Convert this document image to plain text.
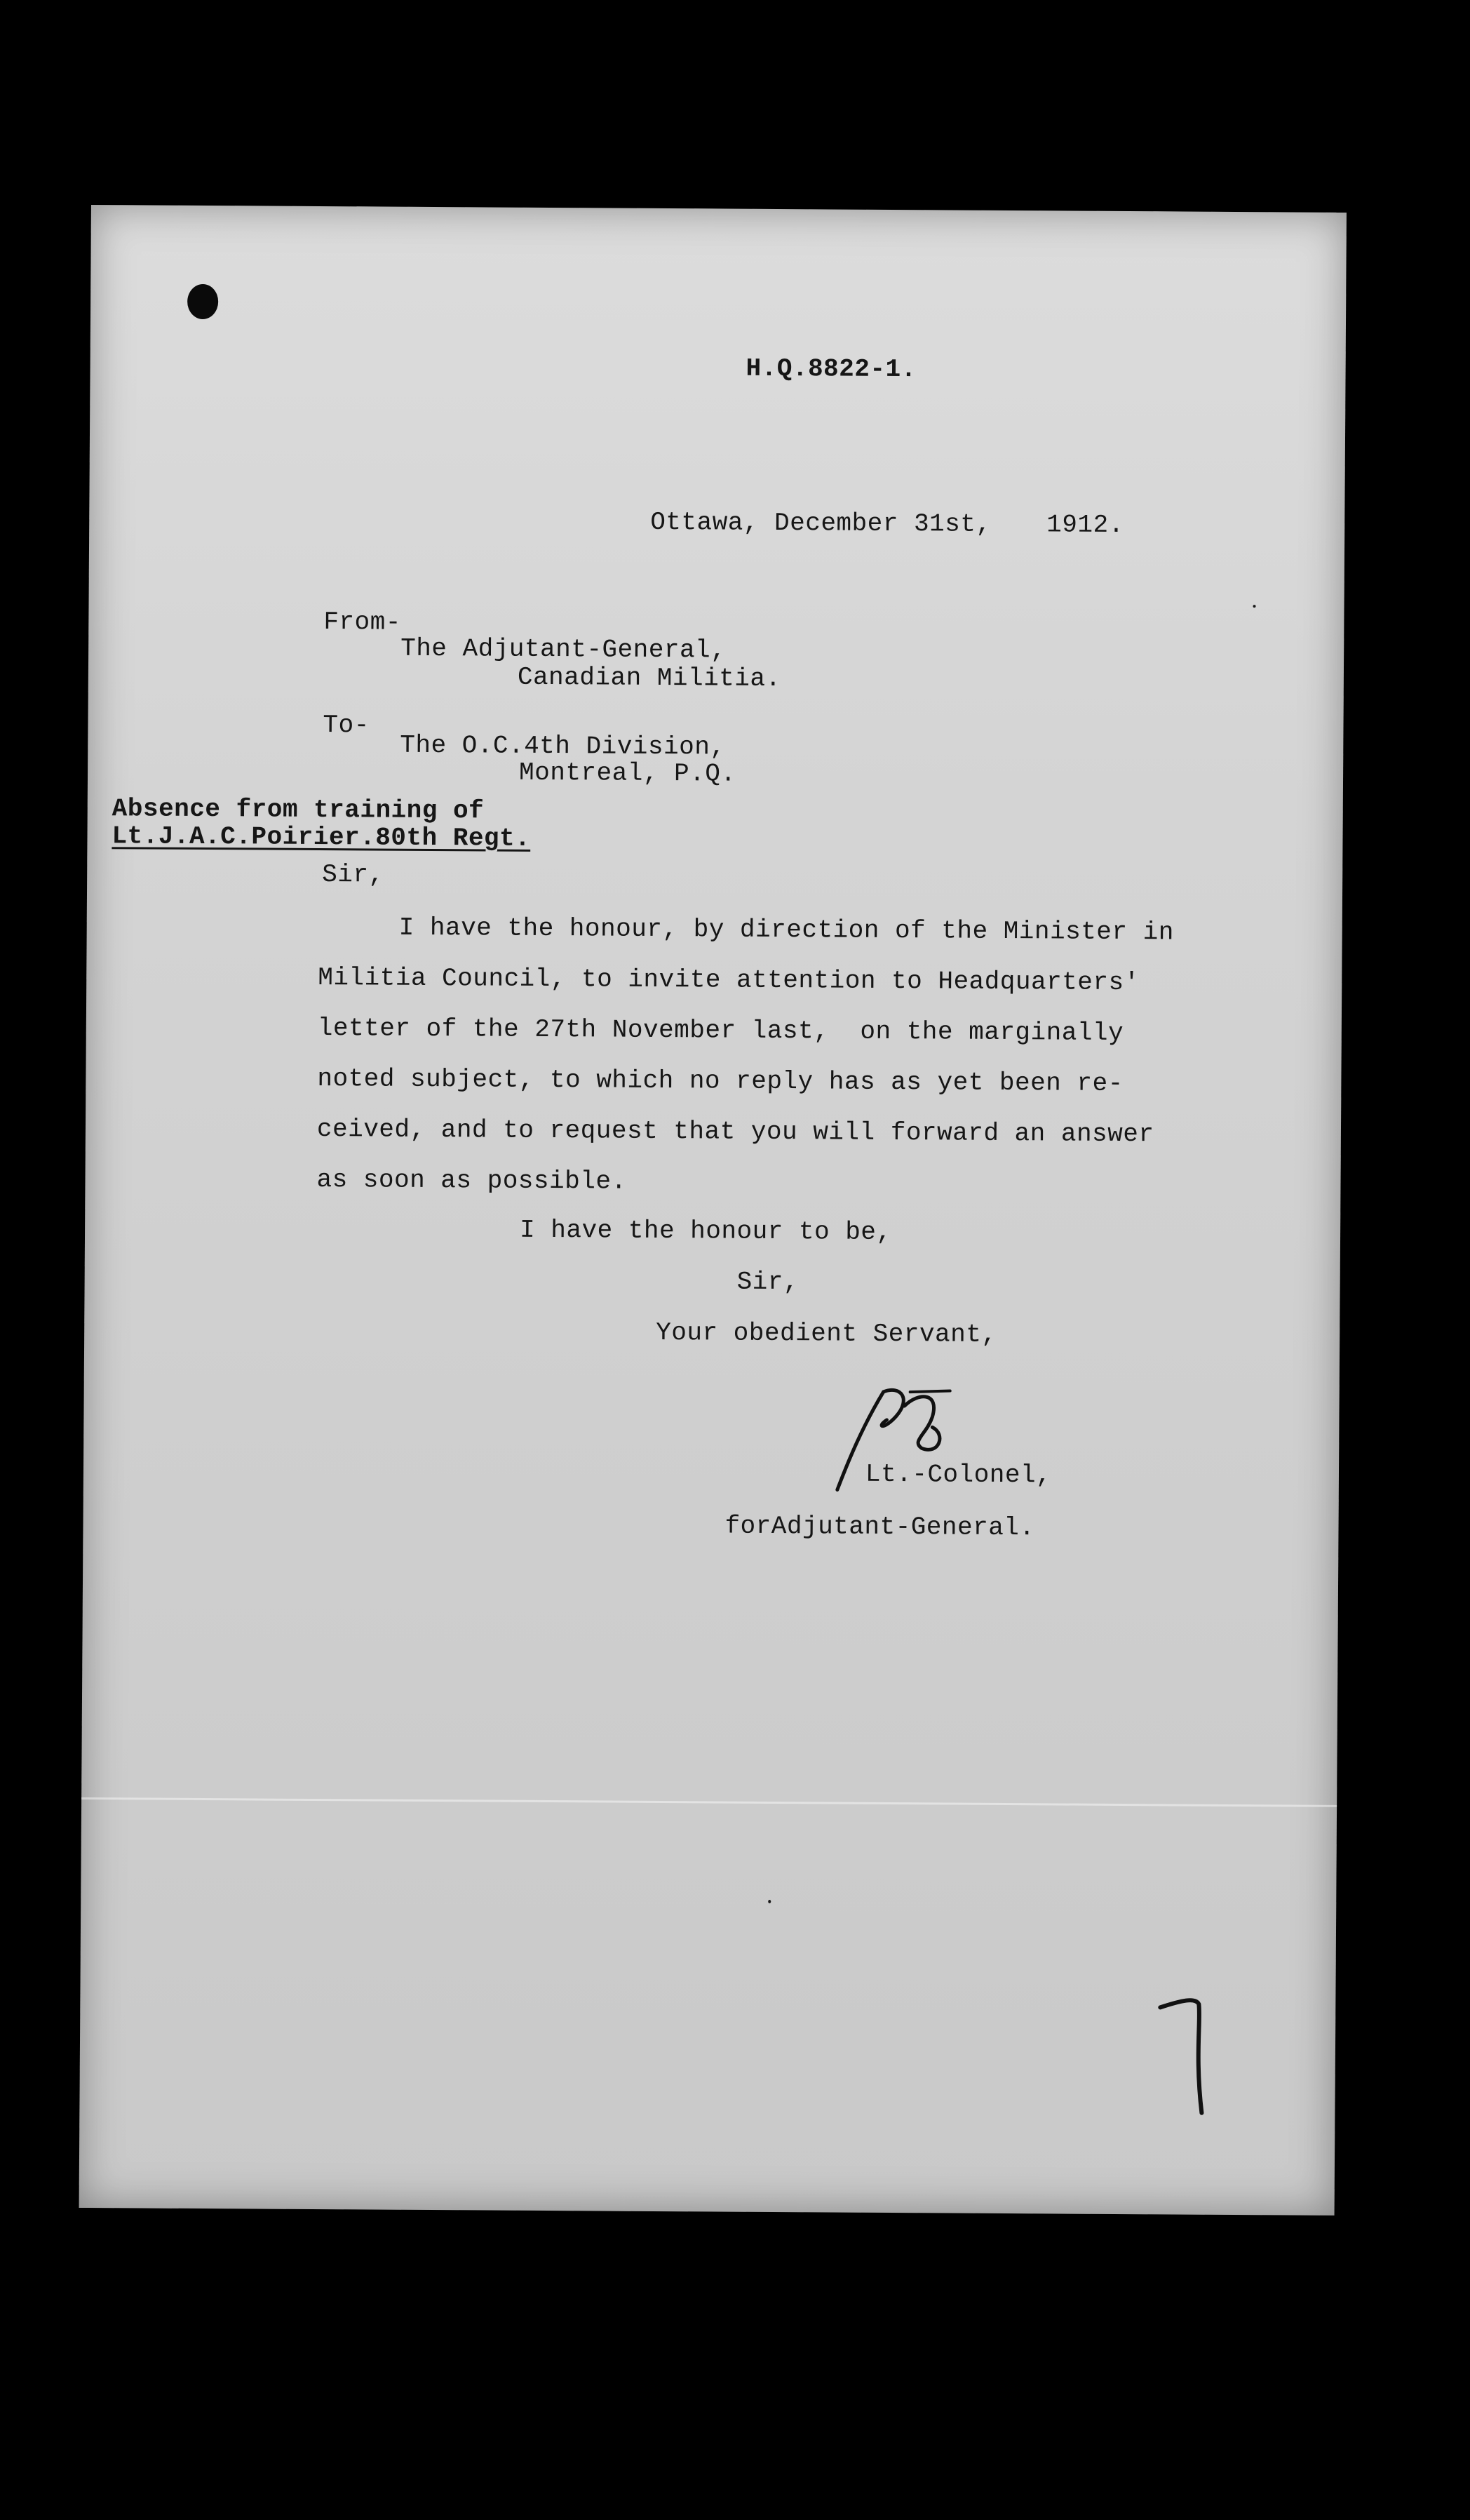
H.Q.8822-1.
Ottawa, December 31st, 1912.
From-
The Adjutant-General,
Canadian Militia.
To-
The O.C.4th Division,
Montreal, P.Q.
Absence from training of
Lt.J.A.C.Poirier.80th Regt.
Sir,
I have the honour, by direction of the Minister in
Militia Council, to invite attention to Headquarters'
letter of the 27th November last,  on the marginally
noted subject, to which no reply has as yet been re-
ceived, and to request that you will forward an answer
as soon as possible.
I have the honour to be,
Sir,
Your obedient Servant,
Lt.-Colonel,
forAdjutant-General.
